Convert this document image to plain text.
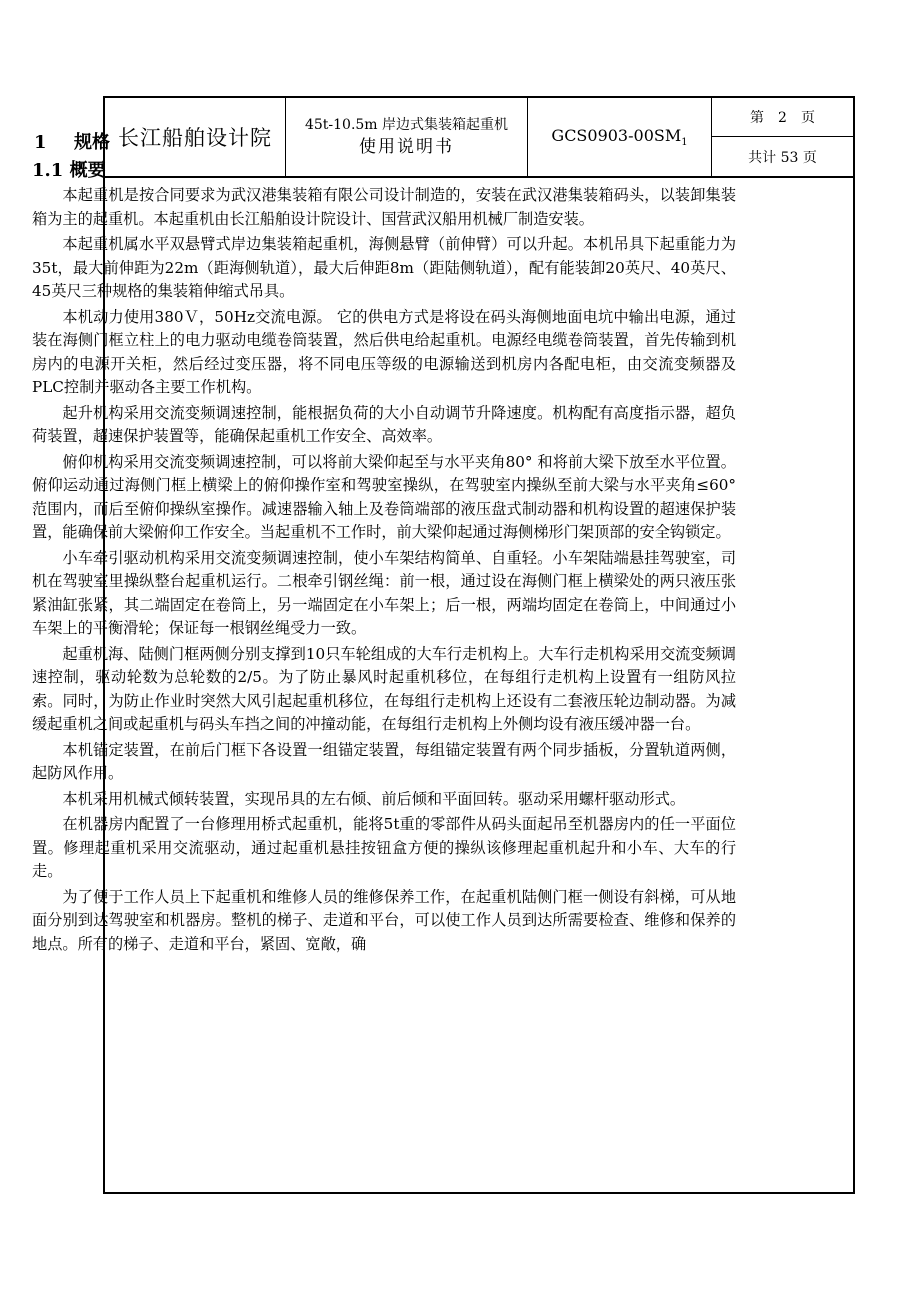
长江船舶设计院
45t-10.5m 岸边式集装箱起重机
使用说明书
$GCS0903-00SM_1$
第　2　页
共计 53 页
1 规格
1.1 概要

本起重机是按合同要求为武汉港集装箱有限公司设计制造的，安装在武汉港集装箱码头，以装卸集装箱为主的起重机。本起重机由长江船舶设计院设计、国营武汉船用机械厂制造安装。

本起重机属水平双悬臂式岸边集装箱起重机，海侧悬臂（前伸臂）可以升起。本机吊具下起重能力为35t，最大前伸距为22m（距海侧轨道），最大后伸距8m（距陆侧轨道），配有能装卸20英尺、40英尺、45英尺三种规格的集装箱伸缩式吊具。

本机动力使用380Ｖ，50Hz交流电源。 它的供电方式是将设在码头海侧地面电坑中输出电源，通过装在海侧门框立柱上的电力驱动电缆卷筒装置，然后供电给起重机。电源经电缆卷筒装置，首先传输到机房内的电源开关柜，然后经过变压器，将不同电压等级的电源输送到机房内各配电柜，由交流变频器及PLC控制并驱动各主要工作机构。

起升机构采用交流变频调速控制，能根据负荷的大小自动调节升降速度。机构配有高度指示器，超负荷装置，超速保护装置等，能确保起重机工作安全、高效率。

俯仰机构采用交流变频调速控制，可以将前大梁仰起至与水平夹角80° 和将前大梁下放至水平位置。俯仰运动通过海侧门框上横梁上的俯仰操作室和驾驶室操纵，在驾驶室内操纵至前大梁与水平夹角≤60° 范围内，而后至俯仰操纵室操作。减速器输入轴上及卷筒端部的液压盘式制动器和机构设置的超速保护装置，能确保前大梁俯仰工作安全。当起重机不工作时，前大梁仰起通过海侧梯形门架顶部的安全钩锁定。

小车牵引驱动机构采用交流变频调速控制，使小车架结构简单、自重轻。小车架陆端悬挂驾驶室，司机在驾驶室里操纵整台起重机运行。二根牵引钢丝绳：前一根，通过设在海侧门框上横梁处的两只液压张紧油缸张紧，其二端固定在卷筒上，另一端固定在小车架上；后一根，两端均固定在卷筒上，中间通过小车架上的平衡滑轮；保证每一根钢丝绳受力一致。

起重机海、陆侧门框两侧分别支撑到10只车轮组成的大车行走机构上。大车行走机构采用交流变频调速控制，驱动轮数为总轮数的2/5。为了防止暴风时起重机移位，在每组行走机构上设置有一组防风拉索。同时，为防止作业时突然大风引起起重机移位，在每组行走机构上还设有二套液压轮边制动器。为减缓起重机之间或起重机与码头车挡之间的冲撞动能，在每组行走机构上外侧均设有液压缓冲器一台。

本机锚定装置，在前后门框下各设置一组锚定装置，每组锚定装置有两个同步插板，分置轨道两侧，起防风作用。

本机采用机械式倾转装置，实现吊具的左右倾、前后倾和平面回转。驱动采用螺杆驱动形式。

在机器房内配置了一台修理用桥式起重机，能将5t重的零部件从码头面起吊至机器房内的任一平面位置。修理起重机采用交流驱动，通过起重机悬挂按钮盒方便的操纵该修理起重机起升和小车、大车的行走。

为了便于工作人员上下起重机和维修人员的维修保养工作，在起重机陆侧门框一侧设有斜梯，可从地面分别到达驾驶室和机器房。整机的梯子、走道和平台，可以使工作人员到达所需要检查、维修和保养的地点。所有的梯子、走道和平台，紧固、宽敞，确
